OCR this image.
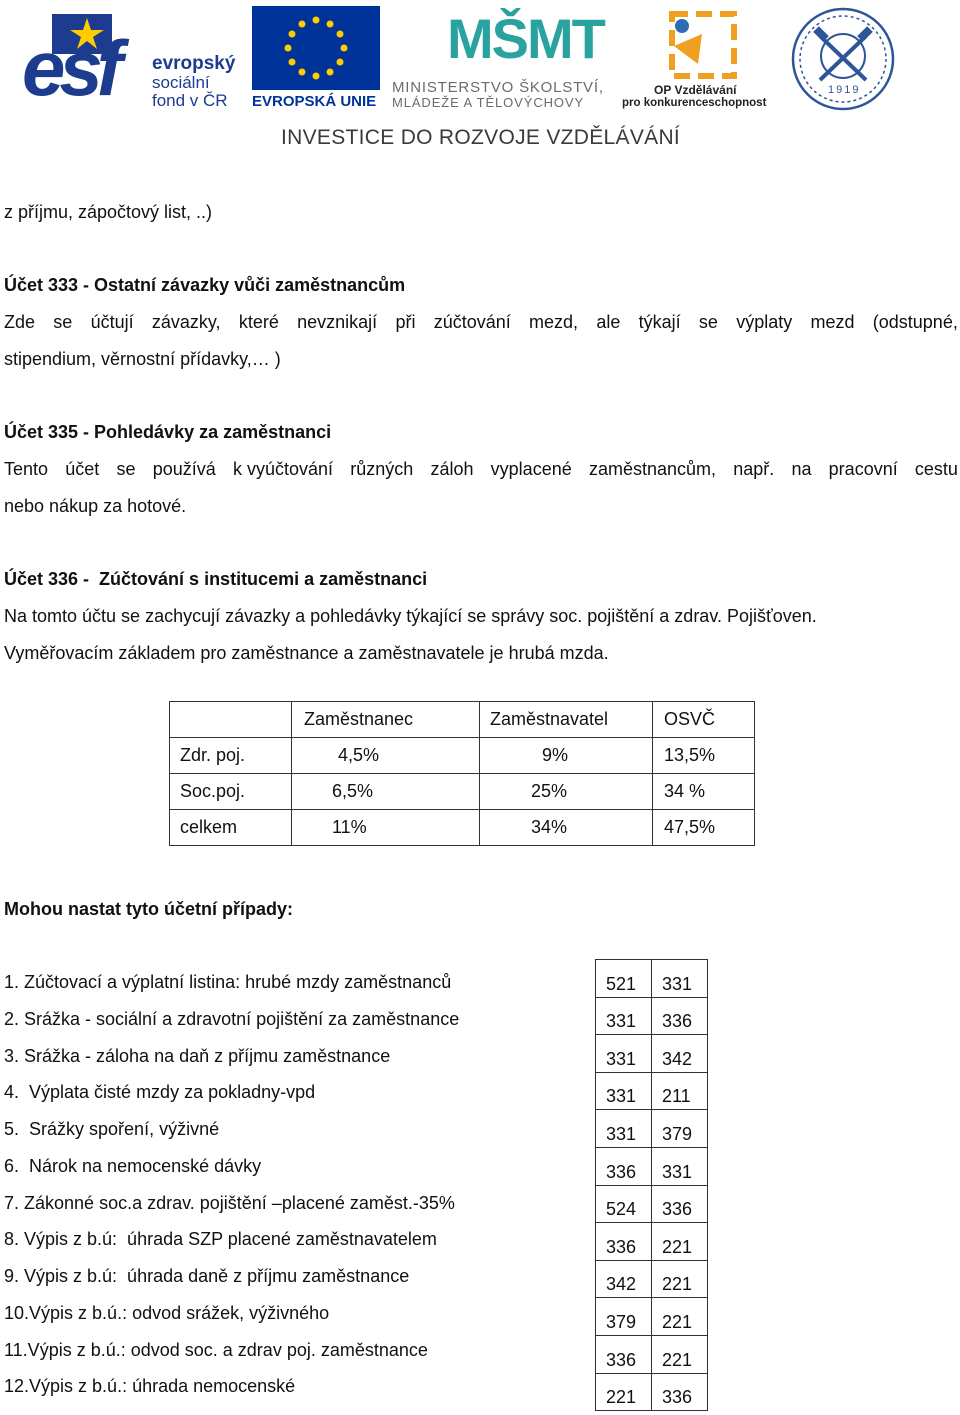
esf evropský
sociální
fond v ČR EVROPSKÁ UNIE
MŠMT
MINISTERSTVO ŠKOLSTVÍ,
MLÁDEŽE A TĚLOVÝCHOVY
OP Vzdělávání
pro konkurenceschopnost
1919
INVESTICE DO ROZVOJE VZDĚLÁVÁNÍ
z příjmu, zápočtový list, ..)
Účet 333 - Ostatní závazky vůči zaměstnancům
Zde se účtují závazky, které nevznikají při zúčtování mezd, ale týkají se výplaty mezd (odstupné,
stipendium, věrnostní přídavky,… )
Účet 335 - Pohledávky za zaměstnanci
Tento účet se používá k vyúčtování různých záloh vyplacené zaměstnancům, např. na pracovní cestu
nebo nákup za hotové.
Účet 336 -  Zúčtování s institucemi a zaměstnanci
Na tomto účtu se zachycují závazky a pohledávky týkající se správy soc. pojištění a zdrav. Pojišťoven.
Vyměřovacím základem pro zaměstnance a zaměstnavatele je hrubá mzda.
	Zaměstnanec	Zaměstnavatel	OSVČ
Zdr. poj.	4,5%	9%	13,5%
Soc.poj.	6,5%	25%	34 %
celkem	11%	34%	47,5%
Mohou nastat tyto účetní případy:
1. Zúčtovací a výplatní listina: hrubé mzdy zaměstnanců
2. Srážka - sociální a zdravotní pojištění za zaměstnance
3. Srážka - záloha na daň z příjmu zaměstnance
4.  Výplata čisté mzdy za pokladny-vpd
5.  Srážky spoření, výživné
6.  Nárok na nemocenské dávky
7. Zákonné soc.a zdrav. pojištění –placené zaměst.-35%
8. Výpis z b.ú:  úhrada SZP placené zaměstnavatelem
9. Výpis z b.ú:  úhrada daně z příjmu zaměstnance
10.Výpis z b.ú.: odvod srážek, výživného
11.Výpis z b.ú.: odvod soc. a zdrav poj. zaměstnance
12.Výpis z b.ú.: úhrada nemocenské
521	331

331	336

331	342

331	211

331	379

336	331

524	336

336	221

342	221

379	221

336	221

221	336
